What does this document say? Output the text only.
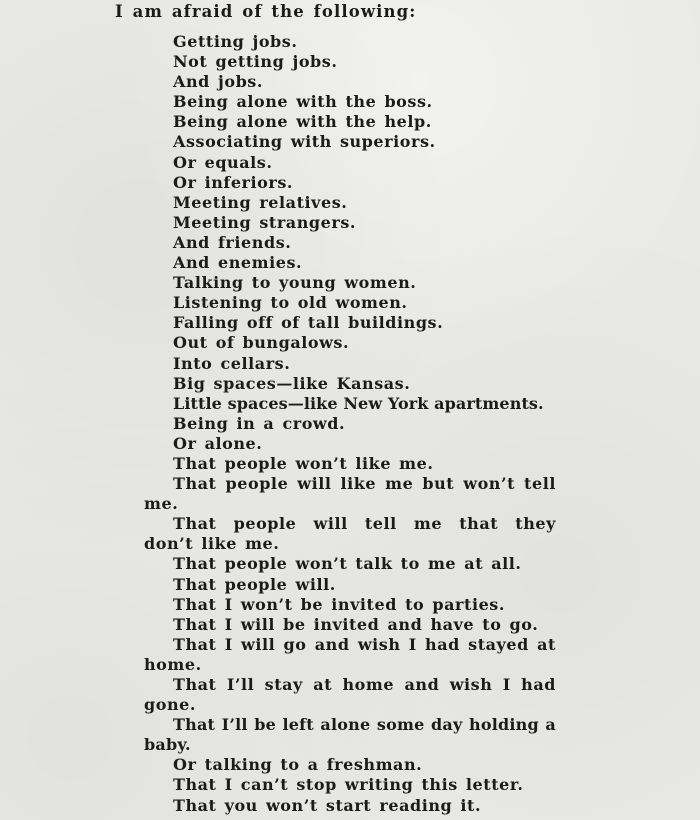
I am afraid of the following:
Getting jobs.
Not getting jobs.
And jobs.
Being alone with the boss.
Being alone with the help.
Associating with superiors.
Or equals.
Or inferiors.
Meeting relatives.
Meeting strangers.
And friends.
And enemies.
Talking to young women.
Listening to old women.
Falling off of tall buildings.
Out of bungalows.
Into cellars.
Big spaces—like Kansas.
Little spaces—like New York apartments.
Being in a crowd.
Or alone.
That people won’t like me.
That people will like me but won’t tell me.
That people will tell me that they don’t like me.
That people won’t talk to me at all.
That people will.
That I won’t be invited to parties.
That I will be invited and have to go.
That I will go and wish I had stayed at home.
That I’ll stay at home and wish I had gone.
That I’ll be left alone some day holding a baby.
Or talking to a freshman.
That I can’t stop writing this letter.
That you won’t start reading it.
